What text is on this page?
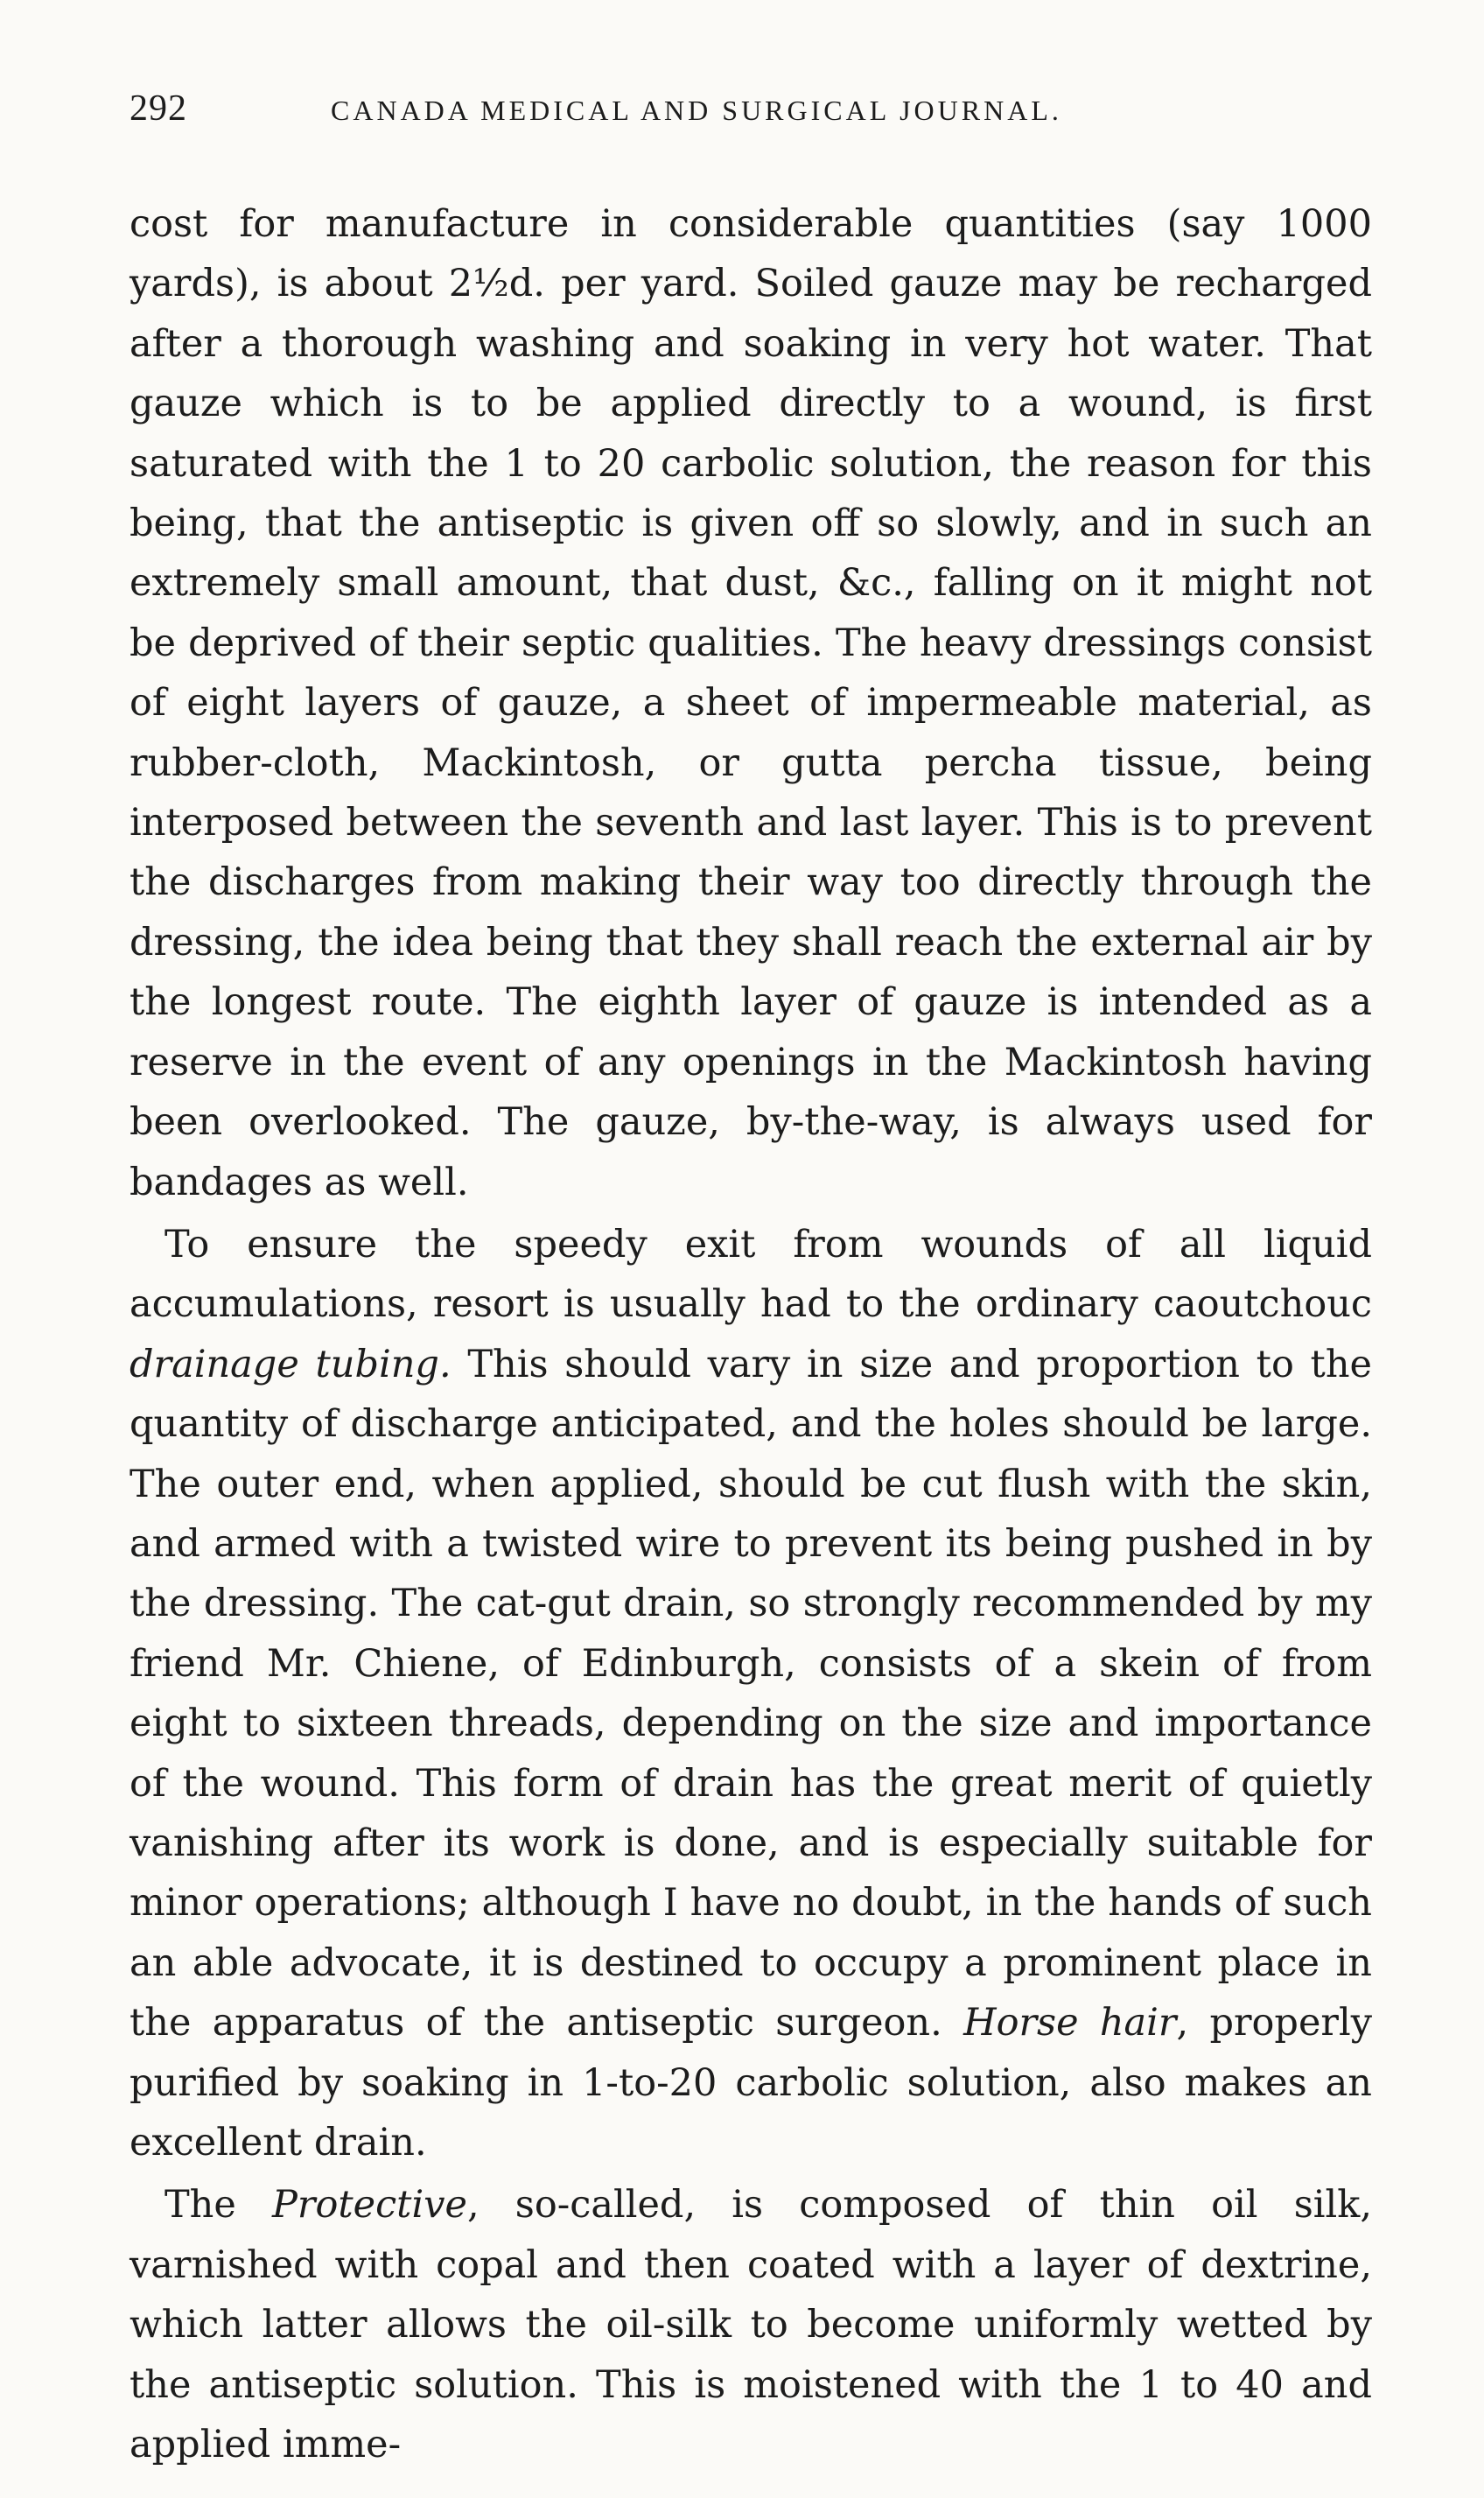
292	CANADA MEDICAL AND SURGICAL JOURNAL.

cost for manufacture in considerable quantities (say 1000 yards), is about 2½d. per yard. Soiled gauze may be recharged after a thorough washing and soaking in very hot water. That gauze which is to be applied directly to a wound, is first saturated with the 1 to 20 carbolic solution, the reason for this being, that the antiseptic is given off so slowly, and in such an extremely small amount, that dust, &c., falling on it might not be deprived of their septic qualities. The heavy dressings consist of eight layers of gauze, a sheet of impermeable material, as rubber-cloth, Mackintosh, or gutta percha tissue, being interposed between the seventh and last layer. This is to prevent the discharges from making their way too directly through the dressing, the idea being that they shall reach the external air by the longest route. The eighth layer of gauze is intended as a reserve in the event of any openings in the Mackintosh having been overlooked. The gauze, by-the-way, is always used for bandages as well.

To ensure the speedy exit from wounds of all liquid accumulations, resort is usually had to the ordinary caoutchouc drainage tubing. This should vary in size and proportion to the quantity of discharge anticipated, and the holes should be large. The outer end, when applied, should be cut flush with the skin, and armed with a twisted wire to prevent its being pushed in by the dressing. The cat-gut drain, so strongly recommended by my friend Mr. Chiene, of Edinburgh, consists of a skein of from eight to sixteen threads, depending on the size and importance of the wound. This form of drain has the great merit of quietly vanishing after its work is done, and is especially suitable for minor operations; although I have no doubt, in the hands of such an able advocate, it is destined to occupy a prominent place in the apparatus of the antiseptic surgeon. Horse hair, properly purified by soaking in 1-to-20 carbolic solution, also makes an excellent drain.

The Protective, so-called, is composed of thin oil silk, varnished with copal and then coated with a layer of dextrine, which latter allows the oil-silk to become uniformly wetted by the antiseptic solution. This is moistened with the 1 to 40 and applied imme-
